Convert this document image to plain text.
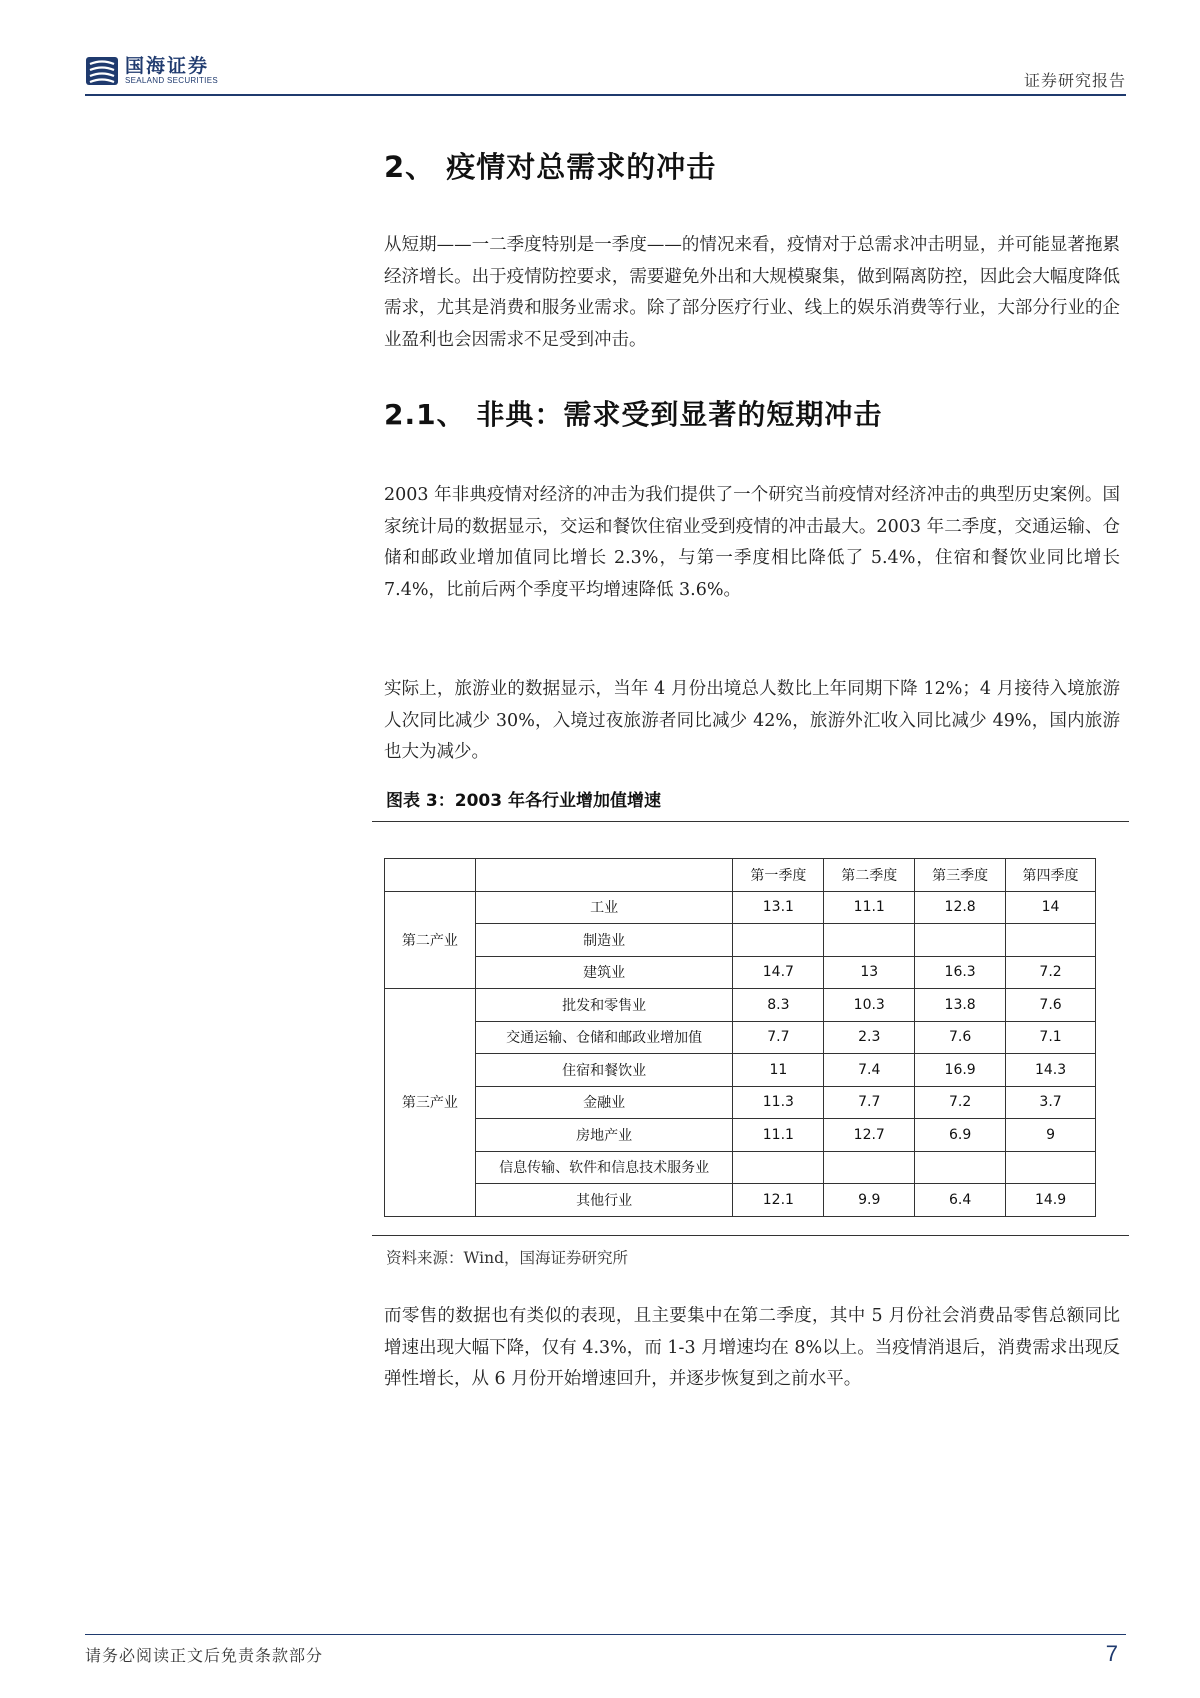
国海证券
SEALAND SECURITIES	证券研究报告
2、 疫情对总需求的冲击

从短期——一二季度特别是一季度——的情况来看，疫情对于总需求冲击明显，并可能显著拖累经济增长。出于疫情防控要求，需要避免外出和大规模聚集，做到隔离防控，因此会大幅度降低需求，尤其是消费和服务业需求。除了部分医疗行业、线上的娱乐消费等行业，大部分行业的企业盈利也会因需求不足受到冲击。

2.1、 非典：需求受到显著的短期冲击

2003 年非典疫情对经济的冲击为我们提供了一个研究当前疫情对经济冲击的典型历史案例。国家统计局的数据显示，交运和餐饮住宿业受到疫情的冲击最大。2003 年二季度，交通运输、仓储和邮政业增加值同比增长 2.3%，与第一季度相比降低了 5.4%，住宿和餐饮业同比增长 7.4%，比前后两个季度平均增速降低 3.6%。

实际上，旅游业的数据显示，当年 4 月份出境总人数比上年同期下降 12%；4 月接待入境旅游人次同比减少 30%，入境过夜旅游者同比减少 42%，旅游外汇收入同比减少 49%，国内旅游也大为减少。

图表 3：2003 年各行业增加值增速
		第一季度	第二季度	第三季度	第四季度
第二产业	工业	13.1	11.1	12.8	14
	制造业				
	建筑业	14.7	13	16.3	7.2
第三产业	批发和零售业	8.3	10.3	13.8	7.6
	交通运输、仓储和邮政业增加值	7.7	2.3	7.6	7.1
	住宿和餐饮业	11	7.4	16.9	14.3
	金融业	11.3	7.7	7.2	3.7
	房地产业	11.1	12.7	6.9	9
	信息传输、软件和信息技术服务业				
	其他行业	12.1	9.9	6.4	14.9
资料来源：Wind，国海证券研究所

而零售的数据也有类似的表现，且主要集中在第二季度，其中 5 月份社会消费品零售总额同比增速出现大幅下降，仅有 4.3%，而 1-3 月增速均在 8%以上。当疫情消退后，消费需求出现反弹性增长，从 6 月份开始增速回升，并逐步恢复到之前水平。

请务必阅读正文后免责条款部分	7
